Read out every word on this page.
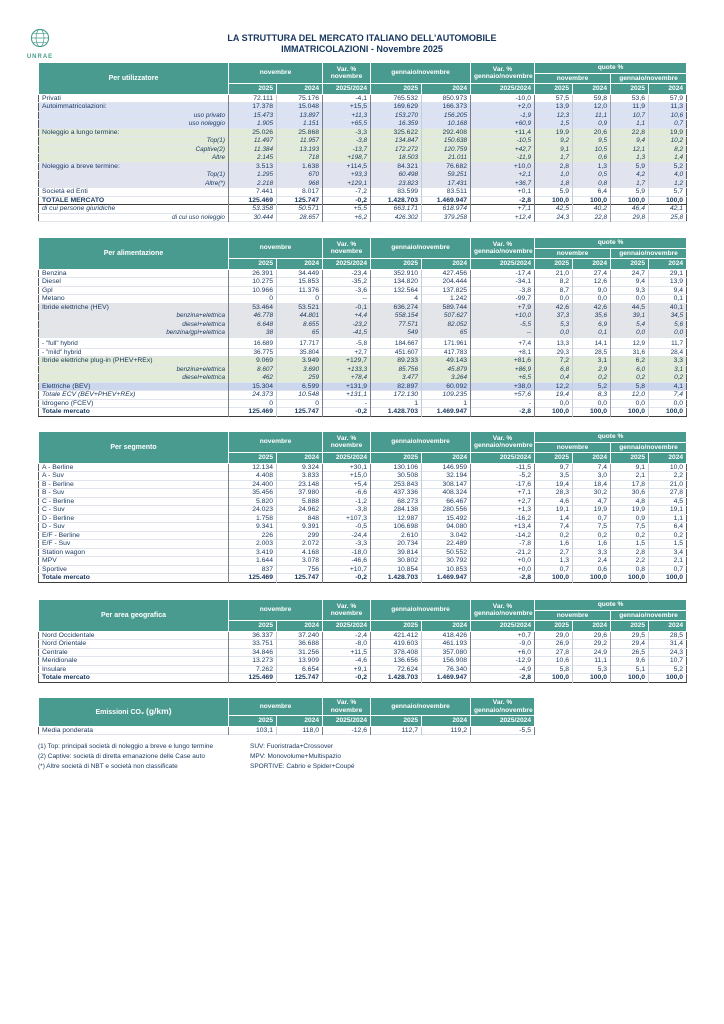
UNRAE
LA STRUTTURA DEL MERCATO ITALIANO DELL'AUTOMOBILE
IMMATRICOLAZIONI - Novembre 2025
Per utilizzatore	novembre		Var. %
novembre	gennaio/novembre		Var. %
gennaio/novembre	quote %			
							novembre		gennaio/novembre	
	2025	2024	2025/2024	2025	2024	2025/2024	2025	2024	2025	2024
Privati	72.111	75.176	-4,1	765.532	850.973	-10,0	57,5	59,8	53,6	57,9
Autoimmatricolazioni:	17.378	15.048	+15,5	169.629	166.373	+2,0	13,9	12,0	11,9	11,3
uso privato	15.473	13.897	+11,3	153.270	156.205	-1,9	12,3	11,1	10,7	10,6
uso noleggio	1.905	1.151	+65,5	16.359	10.168	+60,9	1,5	0,9	1,1	0,7
Noleggio a lungo termine:	25.026	25.868	-3,3	325.622	292.408	+11,4	19,9	20,6	22,8	19,9
Top(1)	11.497	11.957	-3,8	134.847	150.638	-10,5	9,2	9,5	9,4	10,2
Captive(2)	11.384	13.193	-13,7	172.272	120.759	+42,7	9,1	10,5	12,1	8,2
Altre	2.145	718	+198,7	18.503	21.011	-11,9	1,7	0,6	1,3	1,4
Noleggio a breve termine:	3.513	1.638	+114,5	84.321	76.682	+10,0	2,8	1,3	5,9	5,2
Top(1)	1.295	670	+93,3	60.498	59.251	+2,1	1,0	0,5	4,2	4,0
Altre(*)	2.218	968	+129,1	23.823	17.431	+36,7	1,8	0,8	1,7	1,2
Società ed Enti	7.441	8.017	-7,2	83.599	83.511	+0,1	5,9	6,4	5,9	5,7
TOTALE MERCATO	125.469	125.747	-0,2	1.428.703	1.469.947	-2,8	100,0	100,0	100,0	100,0
di cui persone giuridiche	53.358	50.571	+5,5	663.171	618.974	+7,1	42,5	40,2	46,4	42,1
di cui uso noleggio	30.444	28.657	+6,2	426.302	379.258	+12,4	24,3	22,8	29,8	25,8
Per alimentazione	novembre		Var. %
novembre	gennaio/novembre		Var. %
gennaio/novembre	quote %			
							novembre		gennaio/novembre	
	2025	2024	2025/2024	2025	2024	2025/2024	2025	2024	2025	2024
Benzina	26.391	34.449	-23,4	352.910	427.456	-17,4	21,0	27,4	24,7	29,1
Diesel	10.275	15.853	-35,2	134.820	204.444	-34,1	8,2	12,6	9,4	13,9
Gpl	10.966	11.376	-3,6	132.564	137.825	-3,8	8,7	9,0	9,3	9,4
Metano	0	0	--	4	1.242	-99,7	0,0	0,0	0,0	0,1
Ibride elettriche (HEV)	53.464	53.521	-0,1	636.274	589.744	+7,9	42,6	42,6	44,5	40,1
benzina+elettrica	46.778	44.801	+4,4	558.154	507.627	+10,0	37,3	35,6	39,1	34,5
diesel+elettrica	6.648	8.655	-23,2	77.571	82.052	-5,5	5,3	6,9	5,4	5,6
benzina/gpl+elettrica	38	65	-41,5	549	65	--	0,0	0,1	0,0	0,0

- "full" hybrid	16.689	17.717	-5,8	184.667	171.961	+7,4	13,3	14,1	12,9	11,7
- "mild" hybrid	36.775	35.804	+2,7	451.607	417.783	+8,1	29,3	28,5	31,6	28,4
Ibride elettriche plug-in (PHEV+REx)	9.069	3.949	+129,7	89.233	49.143	+81,6	7,2	3,1	6,2	3,3
benzina+elettrica	8.607	3.690	+133,3	85.756	45.879	+86,9	6,8	2,9	6,0	3,1
diesel+elettrica	462	259	+78,4	3.477	3.264	+6,5	0,4	0,2	0,2	0,2
Elettriche (BEV)	15.304	6.599	+131,9	82.897	60.092	+38,0	12,2	5,2	5,8	4,1
Totale ECV (BEV+PHEV+REx)	24.373	10.548	+131,1	172.130	109.235	+57,6	19,4	8,3	12,0	7,4
Idrogeno (FCEV)	0	0	-	1	1	-	0,0	0,0	0,0	0,0
Totale mercato	125.469	125.747	-0,2	1.428.703	1.469.947	-2,8	100,0	100,0	100,0	100,0
Per segmento	novembre		Var. %
novembre	gennaio/novembre		Var. %
gennaio/novembre	quote %			
							novembre		gennaio/novembre	
	2025	2024	2025/2024	2025	2024	2025/2024	2025	2024	2025	2024
A - Berline	12.134	9.324	+30,1	130.106	146.959	-11,5	9,7	7,4	9,1	10,0
A - Suv	4.408	3.833	+15,0	30.508	32.194	-5,2	3,5	3,0	2,1	2,2
B - Berline	24.400	23.148	+5,4	253.843	308.147	-17,6	19,4	18,4	17,8	21,0
B - Suv	35.456	37.980	-6,6	437.336	408.324	+7,1	28,3	30,2	30,6	27,8
C - Berline	5.820	5.888	-1,2	68.273	66.467	+2,7	4,6	4,7	4,8	4,5
C - Suv	24.023	24.962	-3,8	284.138	280.556	+1,3	19,1	19,9	19,9	19,1
D - Berline	1.758	848	+107,3	12.987	15.492	-16,2	1,4	0,7	0,9	1,1
D - Suv	9.341	9.391	-0,5	106.698	94.080	+13,4	7,4	7,5	7,5	6,4
E/F - Berline	226	299	-24,4	2.610	3.042	-14,2	0,2	0,2	0,2	0,2
E/F - Suv	2.003	2.072	-3,3	20.734	22.489	-7,8	1,6	1,6	1,5	1,5
Station wagon	3.419	4.168	-18,0	39.814	50.552	-21,2	2,7	3,3	2,8	3,4
MPV	1.644	3.078	-46,6	30.802	30.792	+0,0	1,3	2,4	2,2	2,1
Sportive	837	756	+10,7	10.854	10.853	+0,0	0,7	0,6	0,8	0,7
Totale mercato	125.469	125.747	-0,2	1.428.703	1.469.947	-2,8	100,0	100,0	100,0	100,0
Per area geografica	novembre		Var. %
novembre	gennaio/novembre		Var. %
gennaio/novembre	quote %			
							novembre		gennaio/novembre	
	2025	2024	2025/2024	2025	2024	2025/2024	2025	2024	2025	2024
Nord Occidentale	36.337	37.240	-2,4	421.412	418.426	+0,7	29,0	29,6	29,5	28,5
Nord Orientale	33.751	36.688	-8,0	419.603	461.193	-9,0	26,9	29,2	29,4	31,4
Centrale	34.846	31.256	+11,5	378.408	357.080	+6,0	27,8	24,9	26,5	24,3
Meridionale	13.273	13.909	-4,6	136.656	156.908	-12,9	10,6	11,1	9,6	10,7
Insulare	7.262	6.654	+9,1	72.624	76.340	-4,9	5,8	5,3	5,1	5,2
Totale mercato	125.469	125.747	-0,2	1.428.703	1.469.947	-2,8	100,0	100,0	100,0	100,0
Emissioni CO₂ (g/km)	novembre		Var. %
novembre	gennaio/novembre		Var. %
gennaio/novembre
	2025	2024	2025/2024	2025	2024	2025/2024
Media ponderata	103,1	118,0	-12,6	112,7	119,2	-5,5
(1) Top: principali società di noleggio a breve e lungo termine
(2) Captive: società di diretta emanazione delle Case auto
(*) Altre società di NBT e società non classificate
SUV: Fuoristrada+Crossover
MPV: Monovolume+Multispazio
SPORTIVE: Cabrio e Spider+Coupé
